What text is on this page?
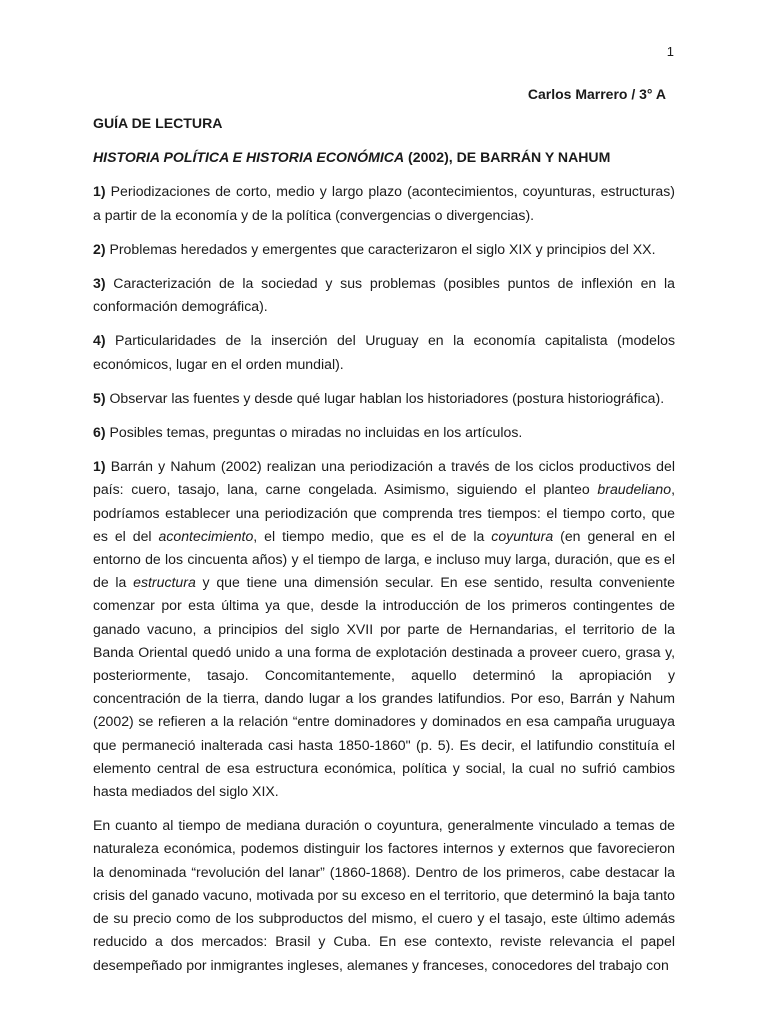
1
Carlos Marrero / 3° A

GUÍA DE LECTURA

HISTORIA POLÍTICA E HISTORIA ECONÓMICA (2002), DE BARRÁN Y NAHUM

1) Periodizaciones de corto, medio y largo plazo (acontecimientos, coyunturas, estructuras) a partir de la economía y de la política (convergencias o divergencias).

2) Problemas heredados y emergentes que caracterizaron el siglo XIX y principios del XX.

3) Caracterización de la sociedad y sus problemas (posibles puntos de inflexión en la conformación demográfica).

4) Particularidades de la inserción del Uruguay en la economía capitalista (modelos económicos, lugar en el orden mundial).

5) Observar las fuentes y desde qué lugar hablan los historiadores (postura historiográfica).

6) Posibles temas, preguntas o miradas no incluidas en los artículos.

1) Barrán y Nahum (2002) realizan una periodización a través de los ciclos productivos del país: cuero, tasajo, lana, carne congelada. Asimismo, siguiendo el planteo braudeliano, podríamos establecer una periodización que comprenda tres tiempos: el tiempo corto, que es el del acontecimiento, el tiempo medio, que es el de la coyuntura (en general en el entorno de los cincuenta años) y el tiempo de larga, e incluso muy larga, duración, que es el de la estructura y que tiene una dimensión secular. En ese sentido, resulta conveniente comenzar por esta última ya que, desde la introducción de los primeros contingentes de ganado vacuno, a principios del siglo XVII por parte de Hernandarias, el territorio de la Banda Oriental quedó unido a una forma de explotación destinada a proveer cuero, grasa y, posteriormente, tasajo. Concomitantemente, aquello determinó la apropiación y concentración de la tierra, dando lugar a los grandes latifundios. Por eso, Barrán y Nahum (2002) se refieren a la relación “entre dominadores y dominados en esa campaña uruguaya que permaneció inalterada casi hasta 1850-1860" (p. 5). Es decir, el latifundio constituía el elemento central de esa estructura económica, política y social, la cual no sufrió cambios hasta mediados del siglo XIX.

En cuanto al tiempo de mediana duración o coyuntura, generalmente vinculado a temas de naturaleza económica, podemos distinguir los factores internos y externos que favorecieron la denominada “revolución del lanar” (1860-1868). Dentro de los primeros, cabe destacar la crisis del ganado vacuno, motivada por su exceso en el territorio, que determinó la baja tanto de su precio como de los subproductos del mismo, el cuero y el tasajo, este último además reducido a dos mercados: Brasil y Cuba. En ese contexto, reviste relevancia el papel desempeñado por inmigrantes ingleses, alemanes y franceses, conocedores del trabajo con
